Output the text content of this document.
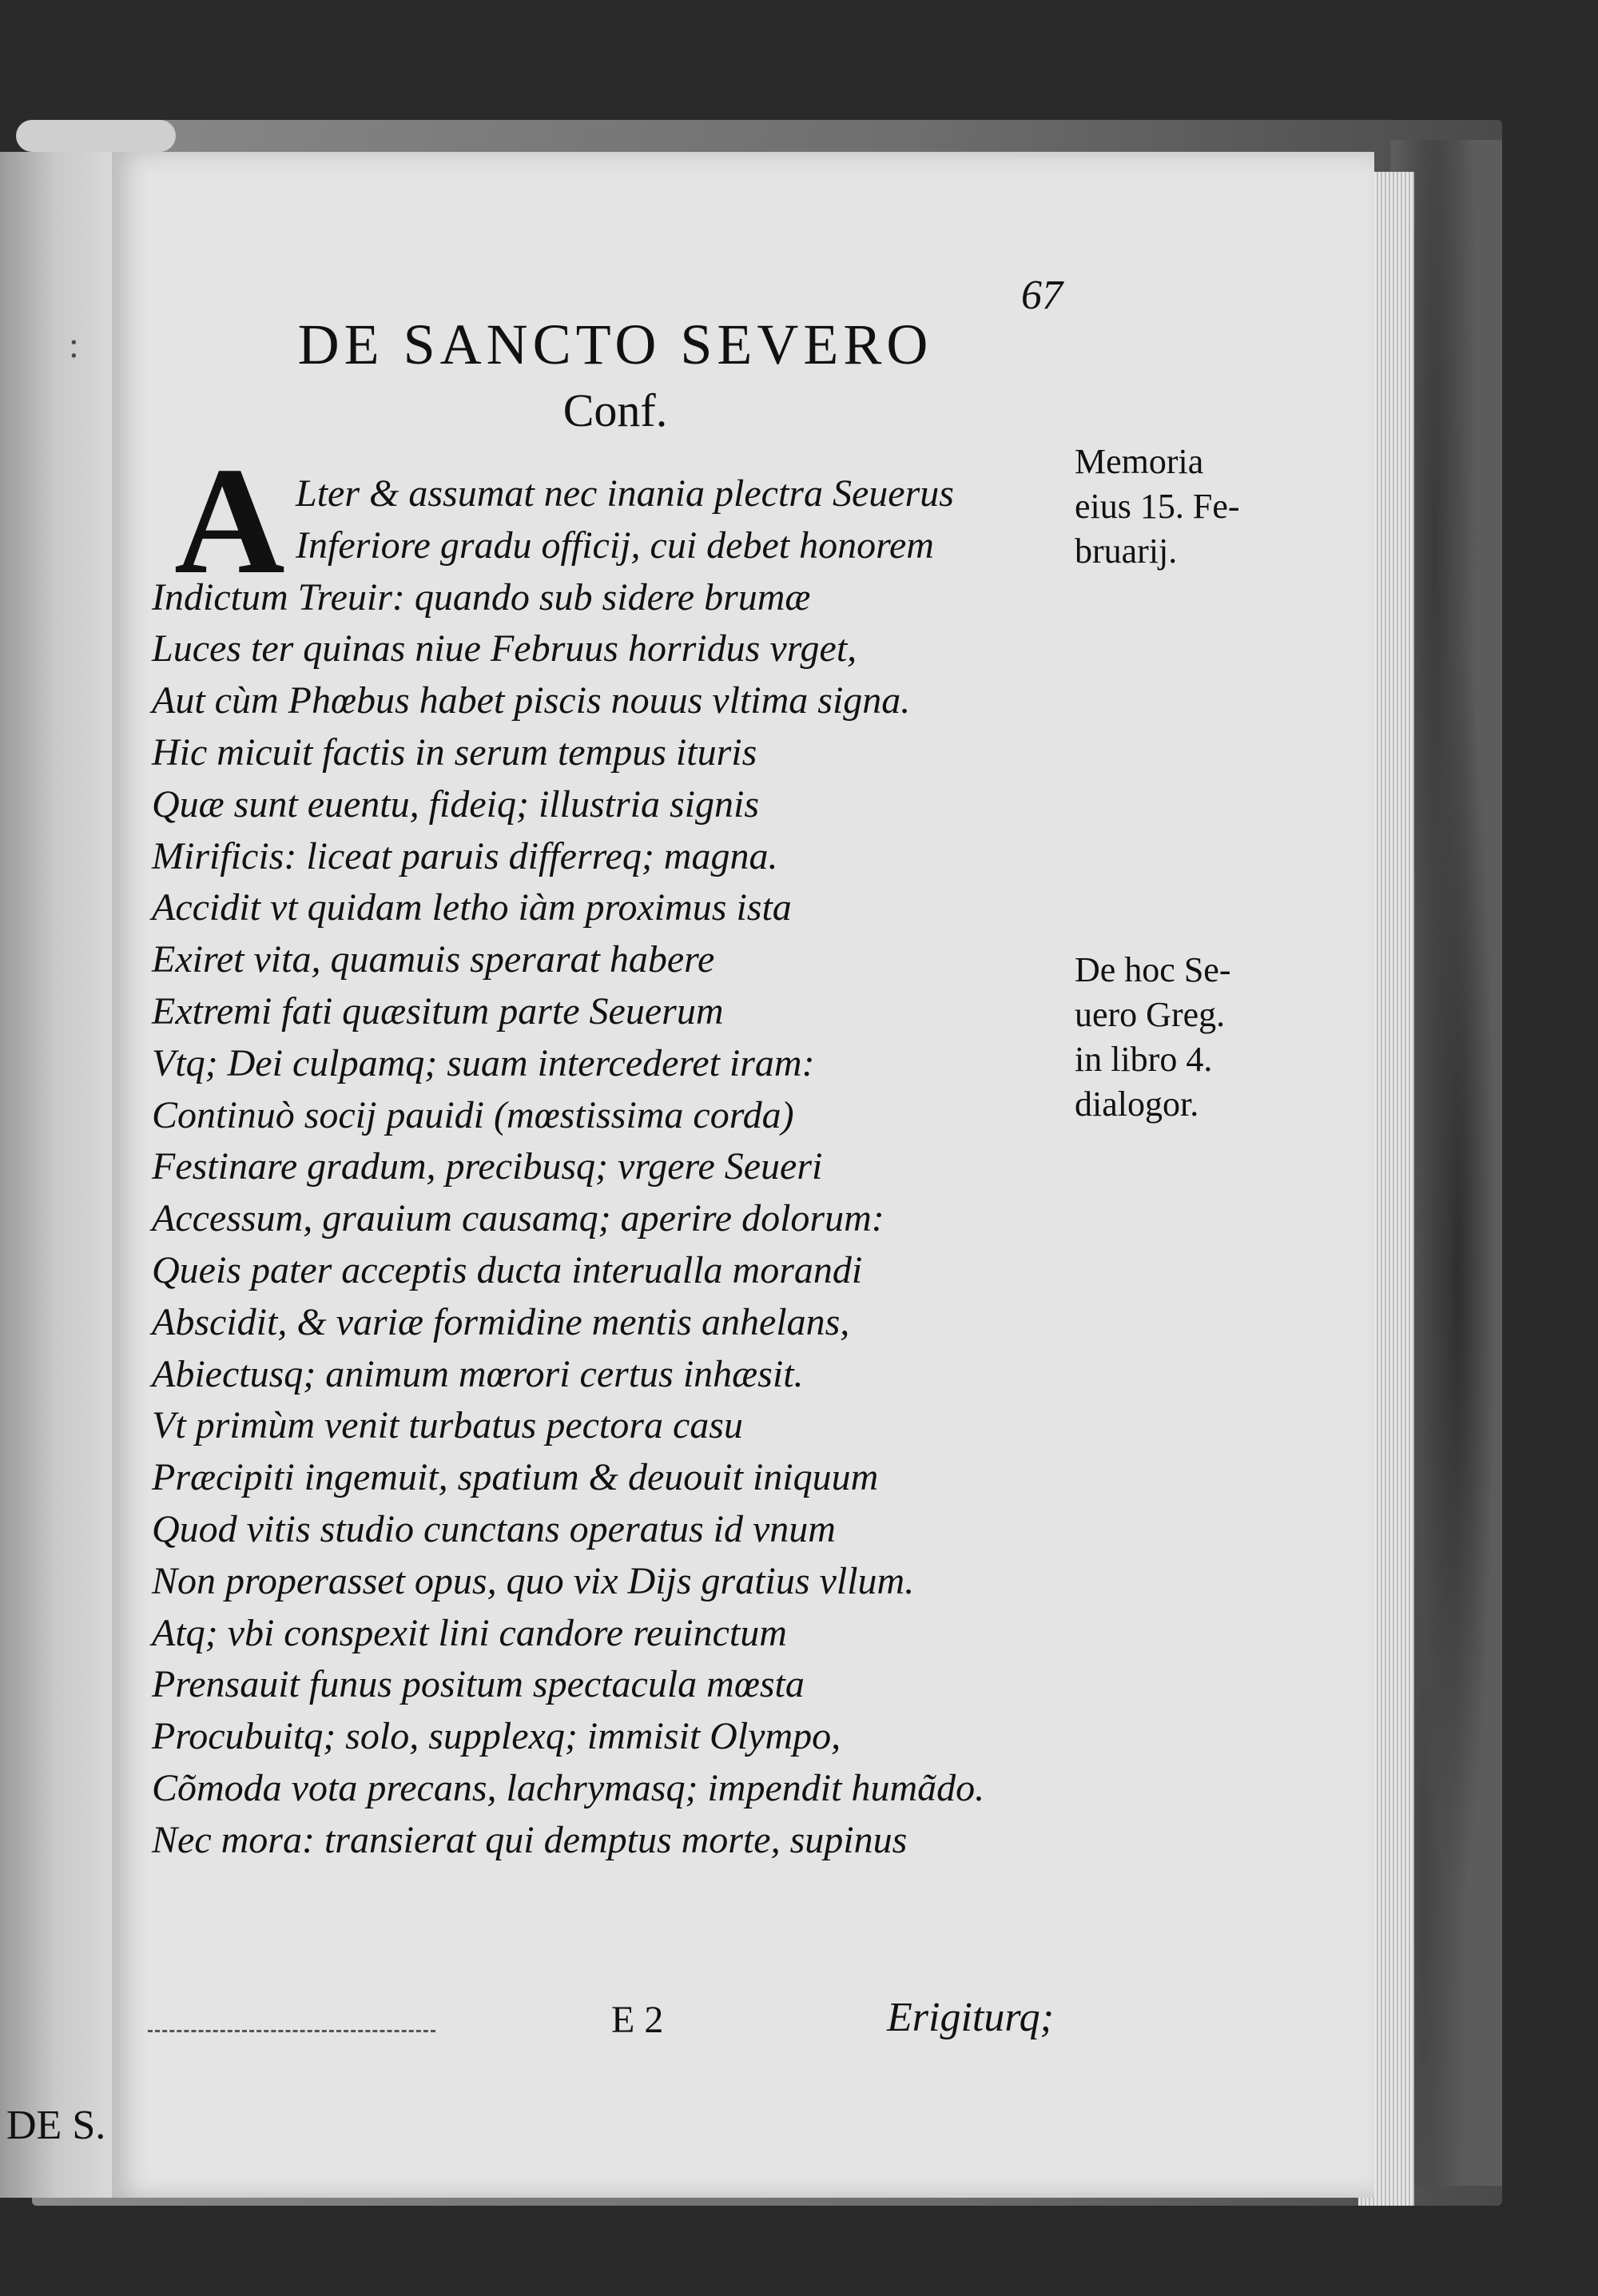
:
DE S.
67
DE SANCTO SEVERO
Conf.
A Lter & assumat nec inania plectra Seuerus
Inferiore gradu officij, cui debet honorem
Indictum Treuir: quando sub sidere brumæ
Luces ter quinas niue Februus horridus vrget,
Aut cùm Phœbus habet piscis nouus vltima signa.
Hic micuit factis in serum tempus ituris
Quæ sunt euentu, fideiq; illustria signis
Mirificis: liceat paruis differreq; magna.
Accidit vt quidam letho iàm proximus ista
Exiret vita, quamuis sperarat habere
Extremi fati quæsitum parte Seuerum
Vtq; Dei culpamq; suam intercederet iram:
Continuò socij pauidi (mœstissima corda)
Festinare gradum, precibusq; vrgere Seueri
Accessum, grauium causamq; aperire dolorum:
Queis pater acceptis ducta interualla morandi
Abscidit, & variæ formidine mentis anhelans,
Abiectusq; animum mœrori certus inhæsit.
Vt primùm venit turbatus pectora casu
Præcipiti ingemuit, spatium & deuouit iniquum
Quod vitis studio cunctans operatus id vnum
Non properasset opus, quo vix Dijs gratius vllum.
Atq; vbi conspexit lini candore reuinctum
Prensauit funus positum spectacula mœsta
Procubuitq; solo, supplexq; immisit Olympo,
Cõmoda vota precans, lachrymasq; impendit humãdo.
Nec mora: transierat qui demptus morte, supinus
Memoria
eius 15. Fe-
bruarij.
De hoc Se-
uero Greg.
in libro 4.
dialogor.
E 2	Erigiturq;
